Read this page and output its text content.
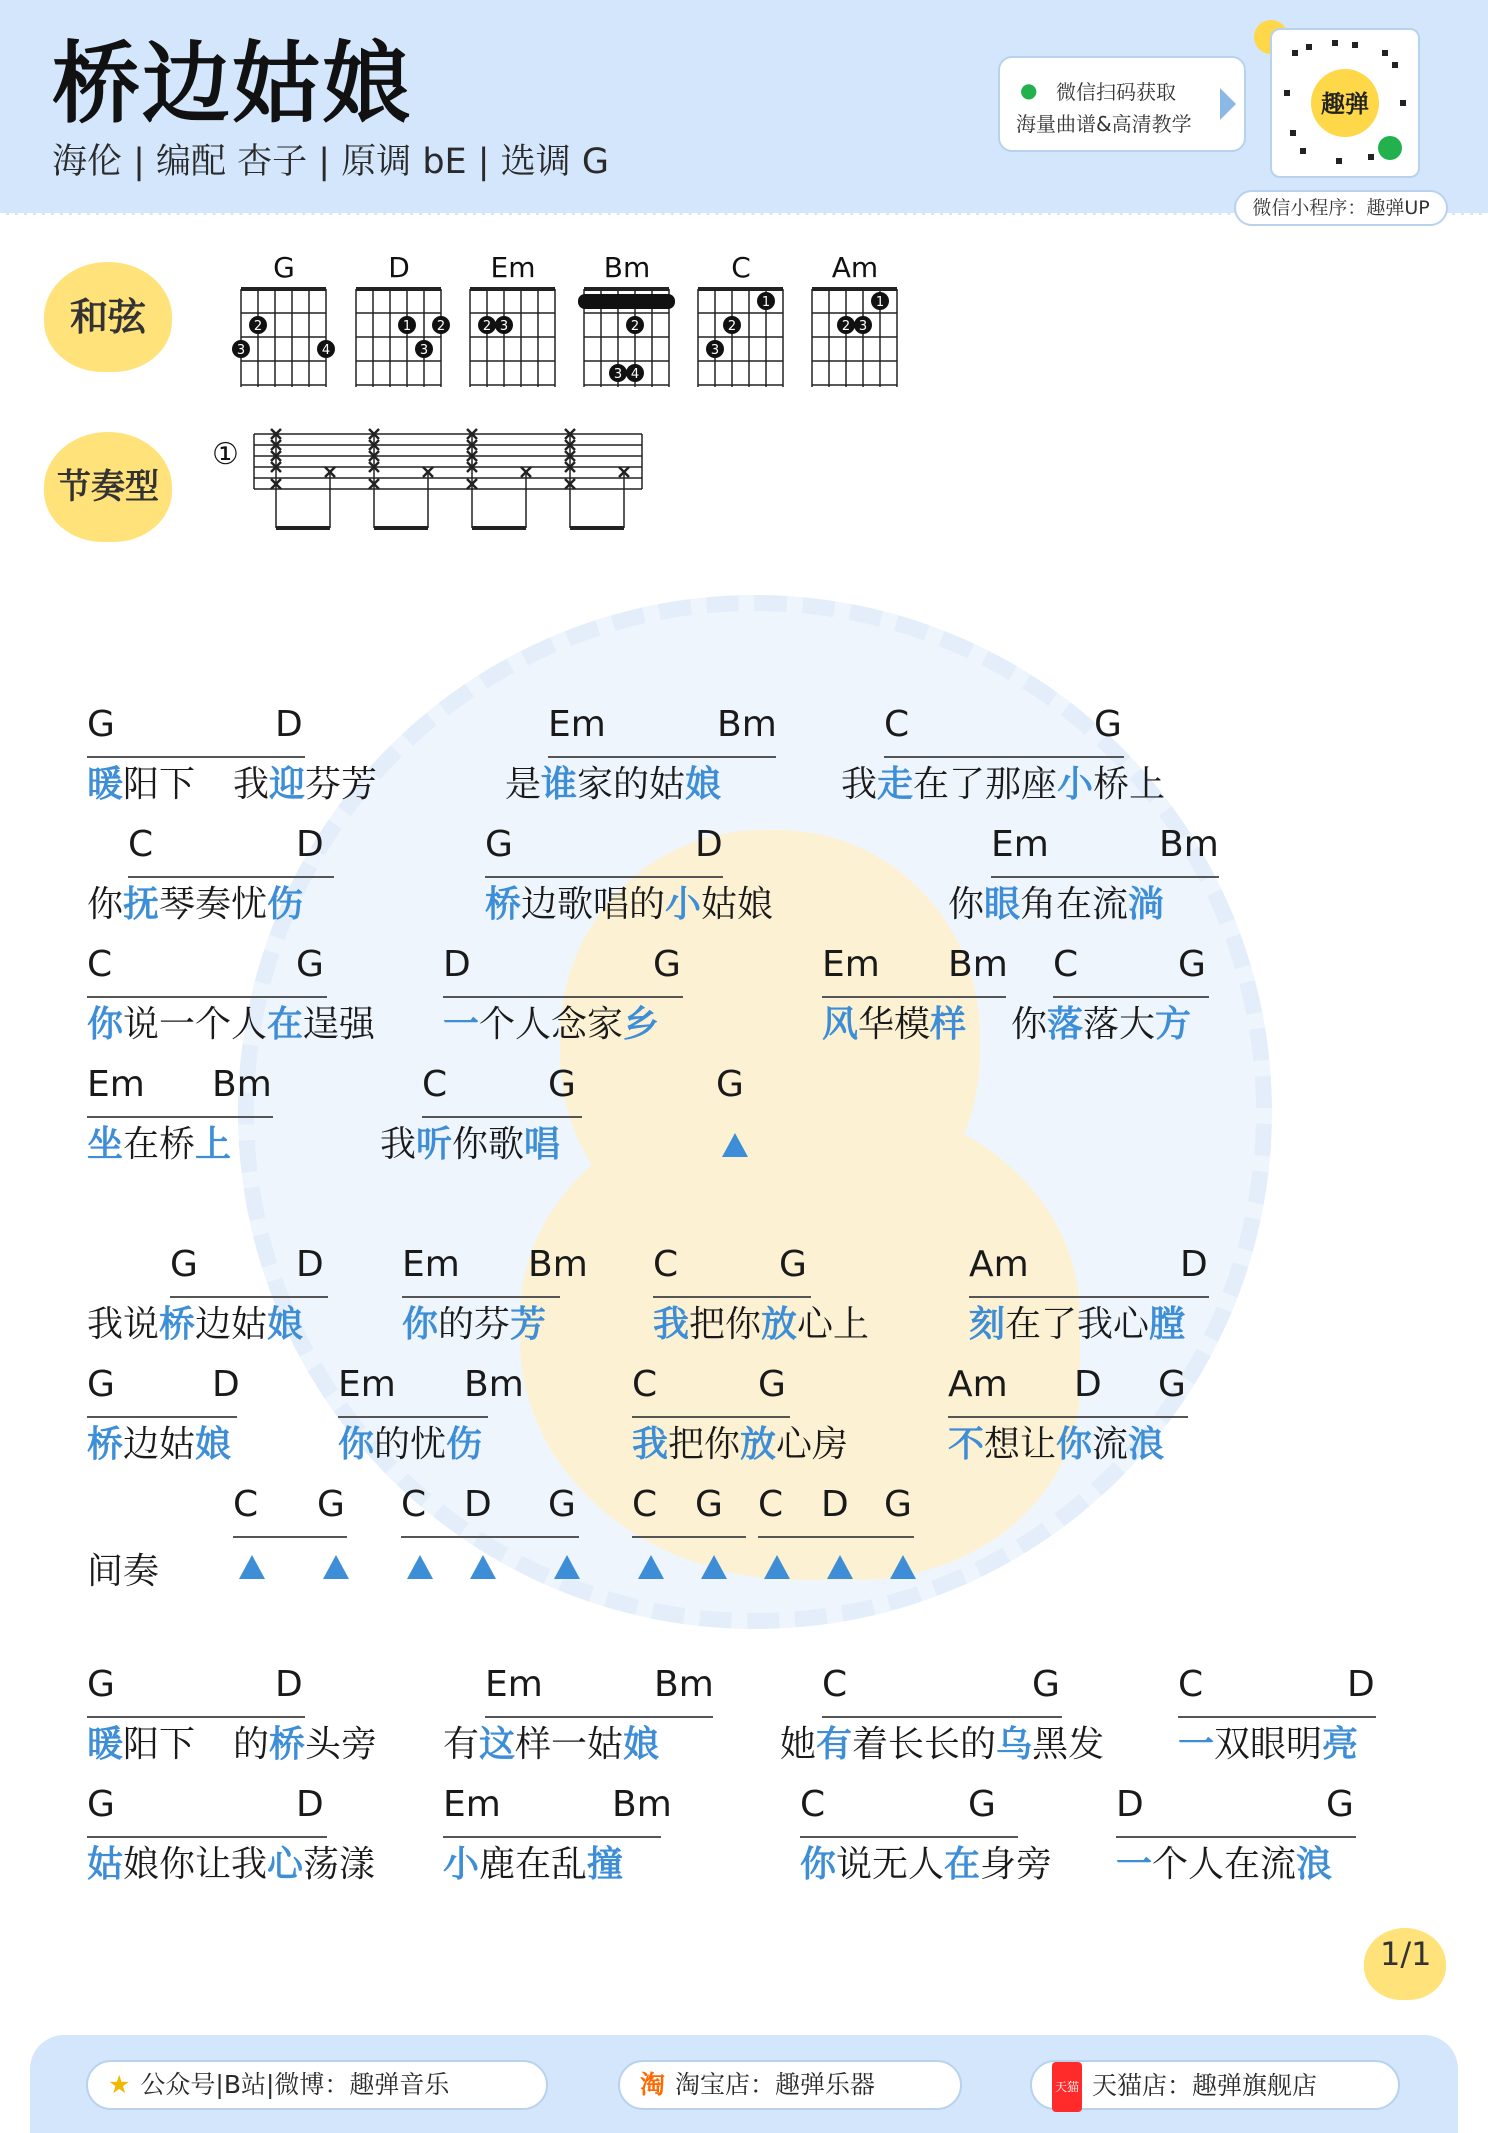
桥边姑娘
海伦 | 编配 杏子 | 原调 bE | 选调 G
● 微信扫码获取
海量曲谱&高清教学
趣弹
微信小程序：趣弹UP
和弦
节奏型
G	D	Em Bm	C	Am
2
3	4
1 2
3
2 3	2
3 4
1
2
3
1
2 3
①
G	D	Em	Bm	C	G
暖阳下 我迎芬芳	是谁家的姑娘	我走在了那座小桥上
C	D	G	D	Em	Bm
你抚琴奏忧伤	桥边歌唱的小姑娘	你眼角在流淌
C	G	D	G	Em Bm C	G
你说一个人在逞强 一个人念家乡	风华模样 你落落大方
Em Bm	C	G	G
坐在桥上	我听你歌唱
G	D Em Bm C	G	Am	D
我说桥边姑娘	你的芬芳	我把你放心上	刻在了我心膛
G	D	Em Bm	C	G	Am D G
桥边姑娘	你的忧伤	我把你放心房	不想让你流浪
C G C D G C G C D G
间奏
G	D	Em	Bm	C	G	C	D
暖阳下 的桥头旁 有这样一姑娘	她有着长长的乌黑发 一双眼明亮
G	D	Em	Bm	C	G	D	G
姑娘你让我心荡漾 小鹿在乱撞	你说无人在身旁 一个人在流浪
1/1
★ 公众号|B站|微博：趣弹音乐	淘 淘宝店：趣弹乐器	天猫 天猫店：趣弹旗舰店
